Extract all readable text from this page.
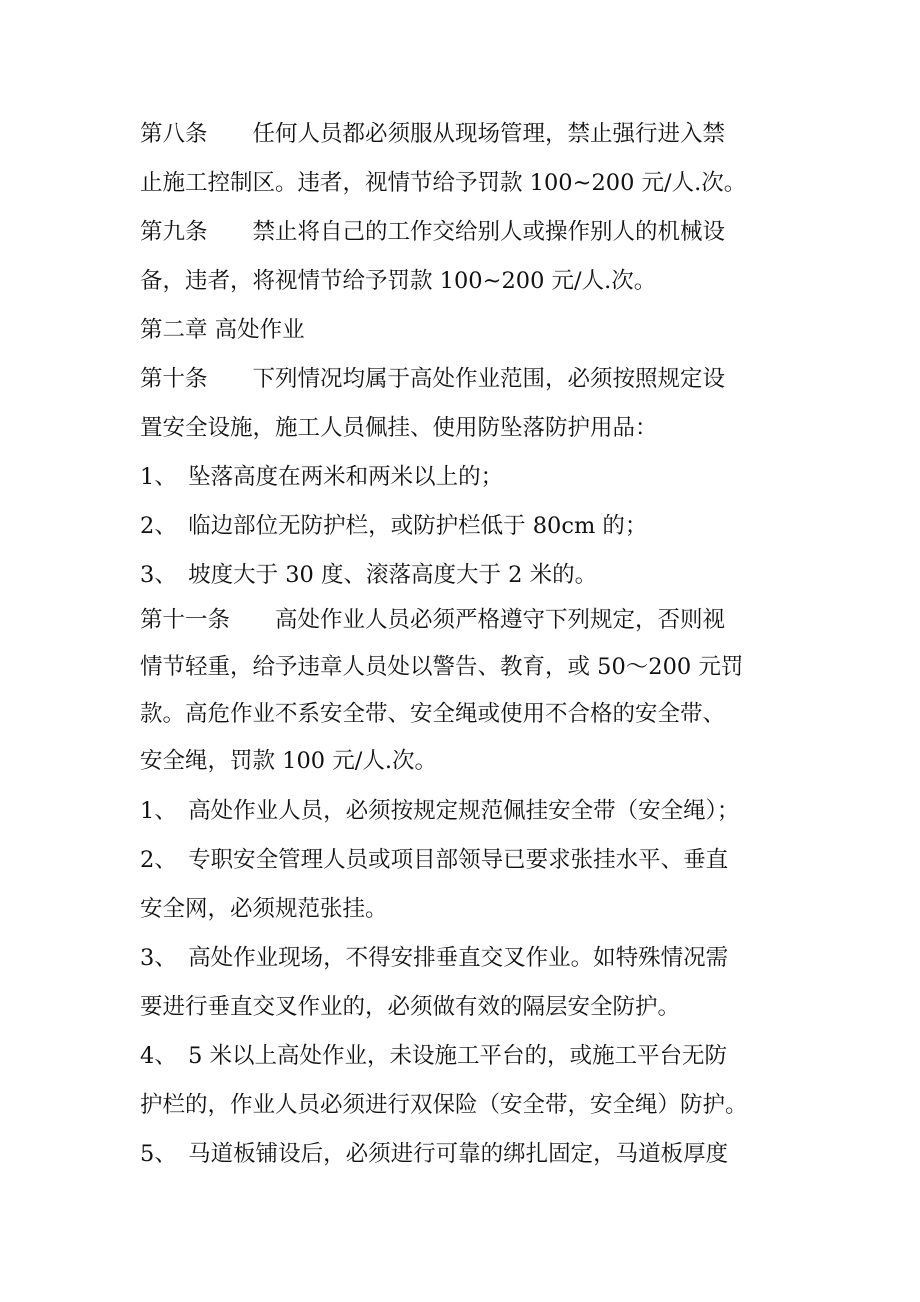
第八条　　任何人员都必须服从现场管理，禁止强行进入禁
止施工控制区。违者，视情节给予罚款 100~200 元/人.次。
第九条　　禁止将自己的工作交给别人或操作别人的机械设
备，违者，将视情节给予罚款 100~200 元/人.次。
第二章 高处作业
第十条　　下列情况均属于高处作业范围，必须按照规定设
置安全设施，施工人员佩挂、使用防坠落防护用品：
1、　坠落高度在两米和两米以上的；
2、　临边部位无防护栏，或防护栏低于 80cm 的；
3、　坡度大于 30 度、滚落高度大于 2 米的。
第十一条　　高处作业人员必须严格遵守下列规定，否则视
情节轻重，给予违章人员处以警告、教育，或 50～200 元罚
款。高危作业不系安全带、安全绳或使用不合格的安全带、
安全绳，罚款 100 元/人.次。
1、　高处作业人员，必须按规定规范佩挂安全带（安全绳）；
2、　专职安全管理人员或项目部领导已要求张挂水平、垂直
安全网，必须规范张挂。
3、　高处作业现场，不得安排垂直交叉作业。如特殊情况需
要进行垂直交叉作业的，必须做有效的隔层安全防护。
4、　5 米以上高处作业，未设施工平台的，或施工平台无防
护栏的，作业人员必须进行双保险（安全带，安全绳）防护。
5、　马道板铺设后，必须进行可靠的绑扎固定，马道板厚度
